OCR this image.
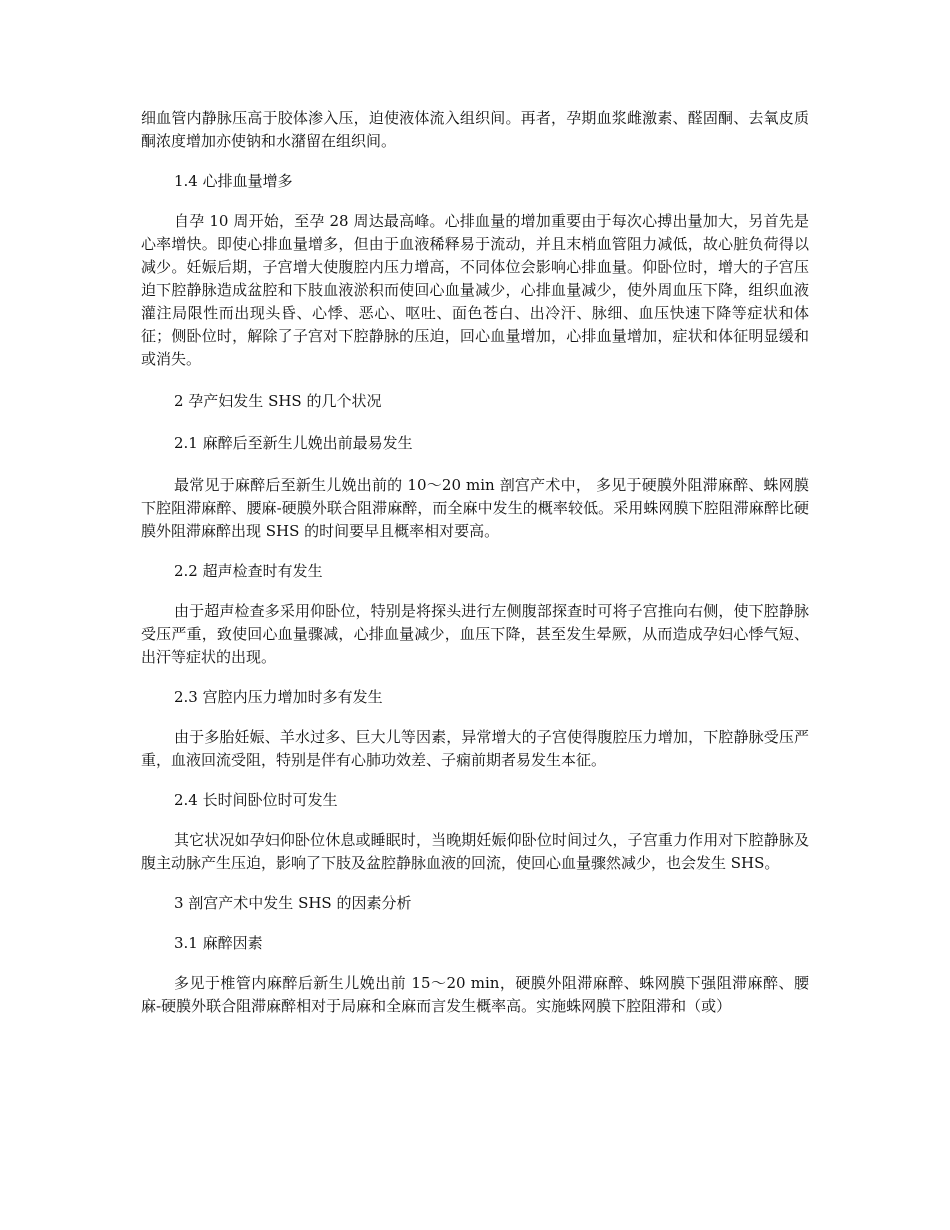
细血管内静脉压高于胶体渗入压，迫使液体流入组织间。再者，孕期血浆雌激素、醛固酮、去氧皮质酮浓度增加亦使钠和水潴留在组织间。

1.4 心排血量增多

自孕 10 周开始，至孕 28 周达最高峰。心排血量的增加重要由于每次心搏出量加大，另首先是心率增快。即使心排血量增多，但由于血液稀释易于流动，并且末梢血管阻力减低，故心脏负荷得以减少。妊娠后期，子宫增大使腹腔内压力增高，不同体位会影响心排血量。仰卧位时，增大的子宫压迫下腔静脉造成盆腔和下肢血液淤积而使回心血量减少，心排血量减少，使外周血压下降，组织血液灌注局限性而出现头昏、心悸、恶心、呕吐、面色苍白、出冷汗、脉细、血压快速下降等症状和体征；侧卧位时，解除了子宫对下腔静脉的压迫，回心血量增加，心排血量增加，症状和体征明显缓和或消失。

2 孕产妇发生 SHS 的几个状况

2.1 麻醉后至新生儿娩出前最易发生

最常见于麻醉后至新生儿娩出前的 10～20 min 剖宫产术中， 多见于硬膜外阻滞麻醉、蛛网膜下腔阻滞麻醉、腰麻-硬膜外联合阻滞麻醉，而全麻中发生的概率较低。采用蛛网膜下腔阻滞麻醉比硬膜外阻滞麻醉出现 SHS 的时间要早且概率相对要高。

2.2 超声检查时有发生

由于超声检查多采用仰卧位，特别是将探头进行左侧腹部探查时可将子宫推向右侧，使下腔静脉受压严重，致使回心血量骤减，心排血量减少，血压下降，甚至发生晕厥，从而造成孕妇心悸气短、出汗等症状的出现。

2.3 宫腔内压力增加时多有发生

由于多胎妊娠、羊水过多、巨大儿等因素，异常增大的子宫使得腹腔压力增加，下腔静脉受压严重，血液回流受阻，特别是伴有心肺功效差、子痫前期者易发生本征。

2.4 长时间卧位时可发生

其它状况如孕妇仰卧位休息或睡眠时，当晚期妊娠仰卧位时间过久，子宫重力作用对下腔静脉及腹主动脉产生压迫，影响了下肢及盆腔静脉血液的回流，使回心血量骤然减少，也会发生 SHS。

3 剖宫产术中发生 SHS 的因素分析

3.1 麻醉因素

多见于椎管内麻醉后新生儿娩出前 15～20 min，硬膜外阻滞麻醉、蛛网膜下强阻滞麻醉、腰麻-硬膜外联合阻滞麻醉相对于局麻和全麻而言发生概率高。实施蛛网膜下腔阻滞和（或）
